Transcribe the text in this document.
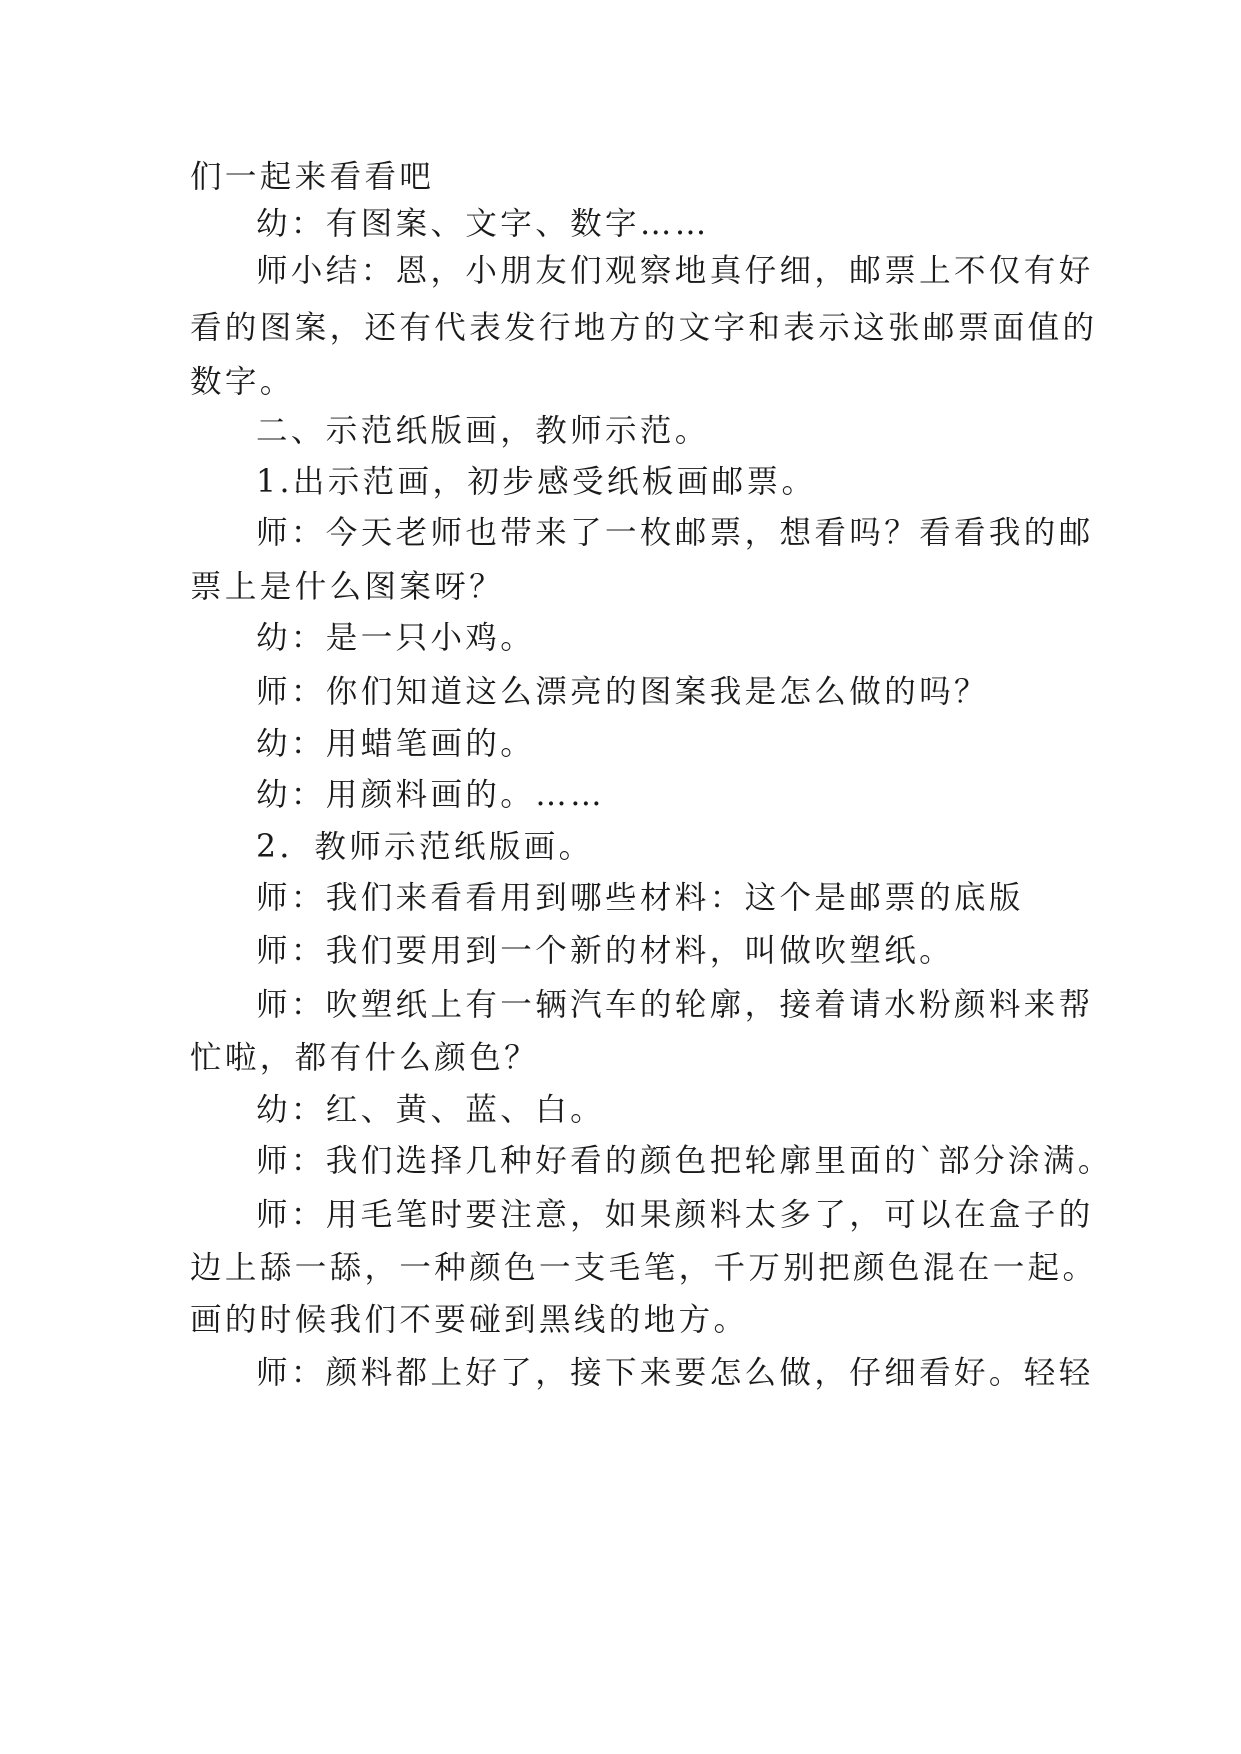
们一起来看看吧
幼：有图案、文字、数字……
师小结：恩，小朋友们观察地真仔细，邮票上不仅有好
看的图案，还有代表发行地方的文字和表示这张邮票面值的
数字。
二、示范纸版画，教师示范。
1.出示范画，初步感受纸板画邮票。
师：今天老师也带来了一枚邮票，想看吗？看看我的邮
票上是什么图案呀？
幼：是一只小鸡。
师：你们知道这么漂亮的图案我是怎么做的吗？
幼：用蜡笔画的。
幼：用颜料画的。……
2．教师示范纸版画。
师：我们来看看用到哪些材料：这个是邮票的底版
师：我们要用到一个新的材料，叫做吹塑纸。
师：吹塑纸上有一辆汽车的轮廓，接着请水粉颜料来帮
忙啦，都有什么颜色？
幼：红、黄、蓝、白。
师：我们选择几种好看的颜色把轮廓里面的`部分涂满。
师：用毛笔时要注意，如果颜料太多了，可以在盒子的
边上舔一舔，一种颜色一支毛笔，千万别把颜色混在一起。
画的时候我们不要碰到黑线的地方。
师：颜料都上好了，接下来要怎么做，仔细看好。轻轻
